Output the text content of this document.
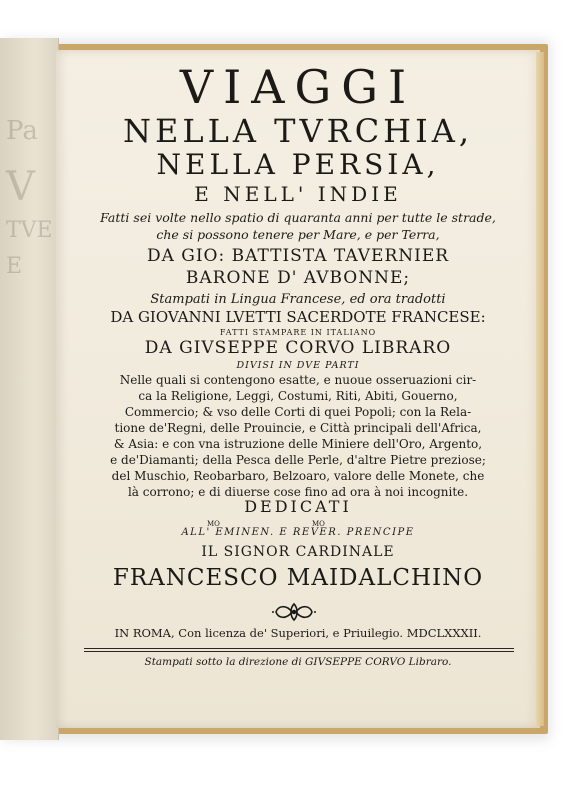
Pa
V
TVE
E
VIAGGI
NELLA TVRCHIA,
NELLA PERSIA,
E NELL' INDIE
Fatti sei volte nello spatio di quaranta anni per tutte le strade,
che si possono tenere per Mare, e per Terra,
DA GIO: BATTISTA TAVERNIER
BARONE D' AVBONNE;
Stampati in Lingua Francese, ed ora tradotti
DA GIOVANNI LVETTI SACERDOTE FRANCESE:
FATTI STAMPARE IN ITALIANO
DA GIVSEPPE CORVO LIBRARO
DIVISI IN DVE PARTI
Nelle quali si contengono esatte, e nuoue osseruazioni cir-
ca la Religione, Leggi, Costumi, Riti, Abiti, Gouerno,
Commercio; & vso delle Corti di quei Popoli; con la Rela-
tione de'Regni, delle Prouincie, e Città principali dell'Africa,
& Asia: e con vna istruzione delle Miniere dell'Oro, Argento,
e de'Diamanti; della Pesca delle Perle, d'altre Pietre preziose;
del Muschio, Reobarbaro, Belzoaro, valore delle Monete, che
là corrono; e di diuerse cose fino ad ora à noi incognite.
DEDICATI
MO	MO
ALL' EMINEN. E REVER. PRENCIPE
IL SIGNOR CARDINALE
FRANCESCO MAIDALCHINO
IN ROMA, Con licenza de' Superiori, e Priuilegio. MDCLXXXII.
Stampati sotto la direzione di GIVSEPPE CORVO Libraro.
